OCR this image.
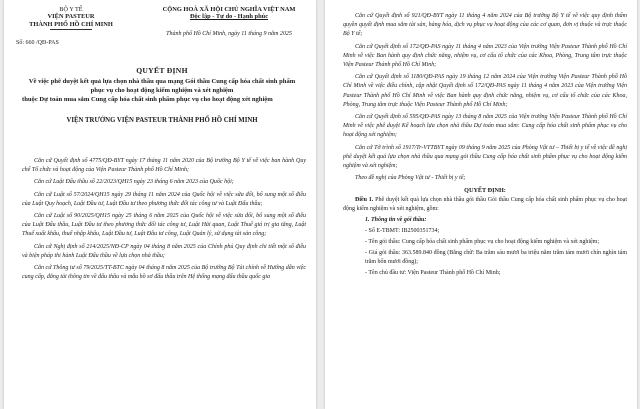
BỘ Y TẾ
VIỆN PASTEUR
THÀNH PHỐ HỒ CHÍ MINH
Số: 660 /QĐ-PAS
CỘNG HOÀ XÃ HỘI CHỦ NGHĨA VIỆT NAM
Độc lập - Tự do - Hạnh phúc
Thành phố Hồ Chí Minh, ngày 11 tháng 9 năm 2025
QUYẾT ĐỊNH
Về việc phê duyệt kết quả lựa chọn nhà thầu qua mạng Gói thầu Cung cấp hóa chất sinh phẩm phục vụ cho hoạt động kiểm nghiệm và xét nghiệm
thuộc Dự toán mua sắm Cung cấp hóa chất sinh phẩm phục vụ cho hoạt động xét nghiệm
VIỆN TRƯỞNG VIỆN PASTEUR THÀNH PHỐ HỒ CHÍ MINH

Căn cứ Quyết định số 4775/QĐ-BYT ngày 17 tháng 11 năm 2020 của Bộ trưởng Bộ Y tế về việc ban hành Quy chế Tổ chức và hoạt động của Viện Pasteur Thành phố Hồ Chí Minh;

Căn cứ Luật Đấu thầu số 22/2023/QH15 ngày 23 tháng 6 năm 2023 của Quốc hội;

Căn cứ Luật số 57/2024/QH15 ngày 29 tháng 11 năm 2024 của Quốc hội về việc sửa đổi, bổ sung một số điều của Luật Quy hoạch, Luật Đầu tư, Luật Đầu tư theo phương thức đối tác công tư và Luật Đấu thầu;

Căn cứ Luật số 90/2025/QH15 ngày 25 tháng 6 năm 2025 của Quốc hội về việc sửa đổi, bổ sung một số điều của Luật Đấu thầu, Luật Đầu tư theo phương thức đối tác công tư, Luật Hải quan, Luật Thuế giá trị gia tăng, Luật Thuế xuất khẩu, thuế nhập khẩu, Luật Đầu tư, Luật Đầu tư công, Luật Quản lý, sử dụng tài sản công;

Căn cứ Nghị định số 214/2025/NĐ-CP ngày 04 tháng 8 năm 2025 của Chính phủ Quy định chi tiết một số điều và biện pháp thi hành Luật Đấu thầu về lựa chọn nhà thầu;

Căn cứ Thông tư số 79/2025/TT-BTC ngày 04 tháng 8 năm 2025 của Bộ trưởng Bộ Tài chính về Hướng dẫn việc cung cấp, đăng tải thông tin về đấu thầu và mẫu hồ sơ đấu thầu trên Hệ thống mạng đấu thầu quốc gia

Căn cứ Quyết định số 921/QĐ-BYT ngày 11 tháng 4 năm 2024 của Bộ trưởng Bộ Y tế về việc quy định thẩm quyền quyết định mua sắm tài sản, hàng hóa, dịch vụ phục vụ hoạt động của các cơ quan, đơn vị thuộc và trực thuộc Bộ Y tế;

Căn cứ Quyết định số 172/QĐ-PAS ngày 11 tháng 4 năm 2023 của Viện trưởng Viện Pasteur Thành phố Hồ Chí Minh về việc Ban hành quy định chức năng, nhiệm vụ, cơ cấu tổ chức của các Khoa, Phòng, Trung tâm trực thuộc Viện Pasteur Thành phố Hồ Chí Minh;

Căn cứ Quyết định số 1180/QĐ-PAS ngày 19 tháng 12 năm 2024 của Viện trưởng Viện Pasteur Thành phố Hồ Chí Minh về việc điều chỉnh, cập nhật Quyết định số 172/QĐ-PAS ngày 11 tháng 4 năm 2023 của Viện trưởng Viện Pasteur Thành phố Hồ Chí Minh về việc Ban hành quy định chức năng, nhiệm vụ, cơ cấu tổ chức của các Khoa, Phòng, Trung tâm trực thuộc Viện Pasteur Thành phố Hồ Chí Minh;

Căn cứ Quyết định số 595/QĐ-PAS ngày 13 tháng 8 năm 2025 của Viện trưởng Viện Pasteur Thành phố Hồ Chí Minh về việc phê duyệt Kế hoạch lựa chọn nhà thầu Dự toán mua sắm: Cung cấp hóa chất sinh phẩm phục vụ cho hoạt động xét nghiệm;

Căn cứ Tờ trình số 1917/Tr-VTTBYT ngày 09 tháng 9 năm 2025 của Phòng Vật tư – Thiết bị y tế về việc đề nghị phê duyệt kết quả lựa chọn nhà thầu qua mạng gói thầu Cung cấp hóa chất sinh phẩm phục vụ cho hoạt động kiểm nghiệm và xét nghiệm;

Theo đề nghị của Phòng Vật tư - Thiết bị y tế;

QUYẾT ĐỊNH:

Điều 1. Phê duyệt kết quả lựa chọn nhà thầu gói thầu Gói thầu Cung cấp hóa chất sinh phẩm phục vụ cho hoạt động kiểm nghiệm và xét nghiệm, gồm:

1. Thông tin về gói thầu:
- Số E-TBMT: IB2500351734;
- Tên gói thầu: Cung cấp hóa chất sinh phẩm phục vụ cho hoạt động kiểm nghiệm và xét nghiệm;
- Giá gói thầu: 363.589.840 đồng (Bằng chữ: Ba trăm sáu mươi ba triệu năm trăm tám mươi chín nghìn tám trăm bốn mươi đồng);
- Tên chủ đầu tư: Viện Pasteur Thành phố Hồ Chí Minh;
